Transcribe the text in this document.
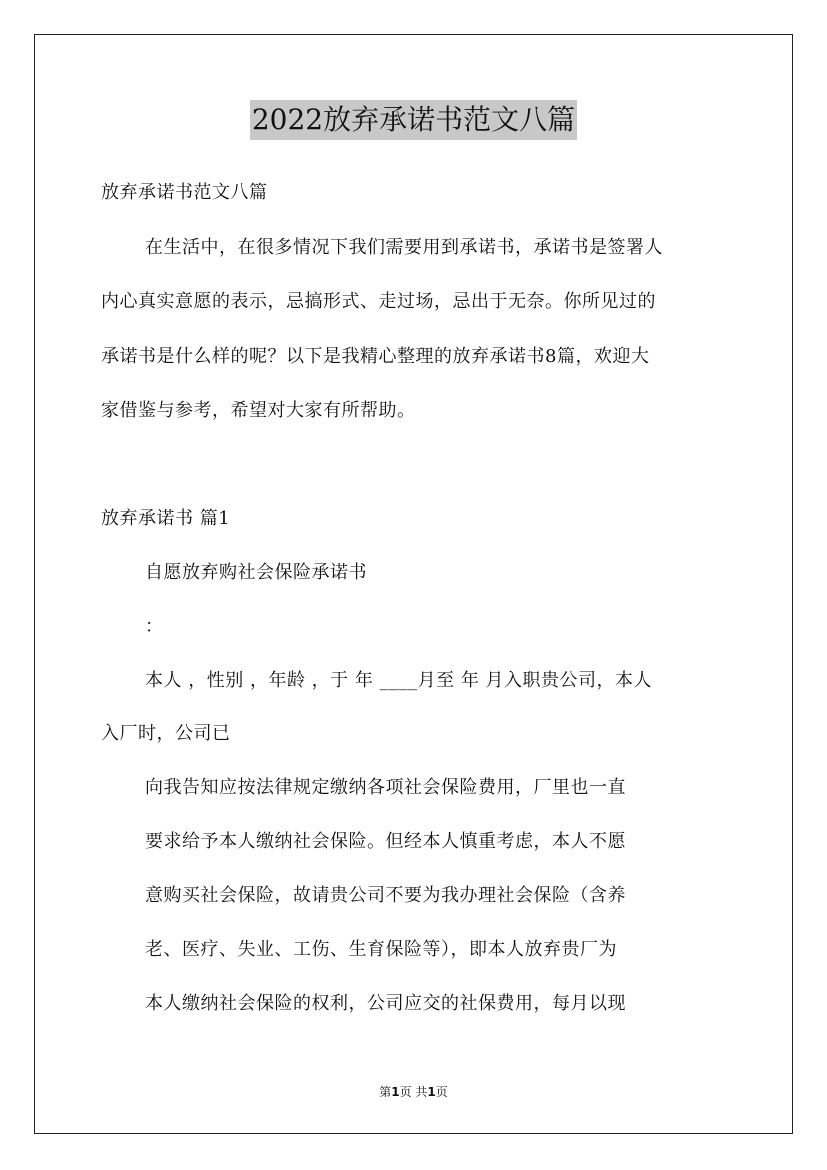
2022放弃承诺书范文八篇
放弃承诺书范文八篇
在生活中，在很多情况下我们需要用到承诺书，承诺书是签署人
内心真实意愿的表示，忌搞形式、走过场，忌出于无奈。你所见过的
承诺书是什么样的呢？以下是我精心整理的放弃承诺书8篇，欢迎大
家借鉴与参考，希望对大家有所帮助。
放弃承诺书 篇1
自愿放弃购社会保险承诺书
：
本人 ，性别 ，年龄 ，于 年 ____月至 年 月入职贵公司，本人
入厂时，公司已
向我告知应按法律规定缴纳各项社会保险费用，厂里也一直
要求给予本人缴纳社会保险。但经本人慎重考虑，本人不愿
意购买社会保险，故请贵公司不要为我办理社会保险（含养
老、医疗、失业、工伤、生育保险等），即本人放弃贵厂为
本人缴纳社会保险的权利，公司应交的社保费用，每月以现
第1页 共1页
